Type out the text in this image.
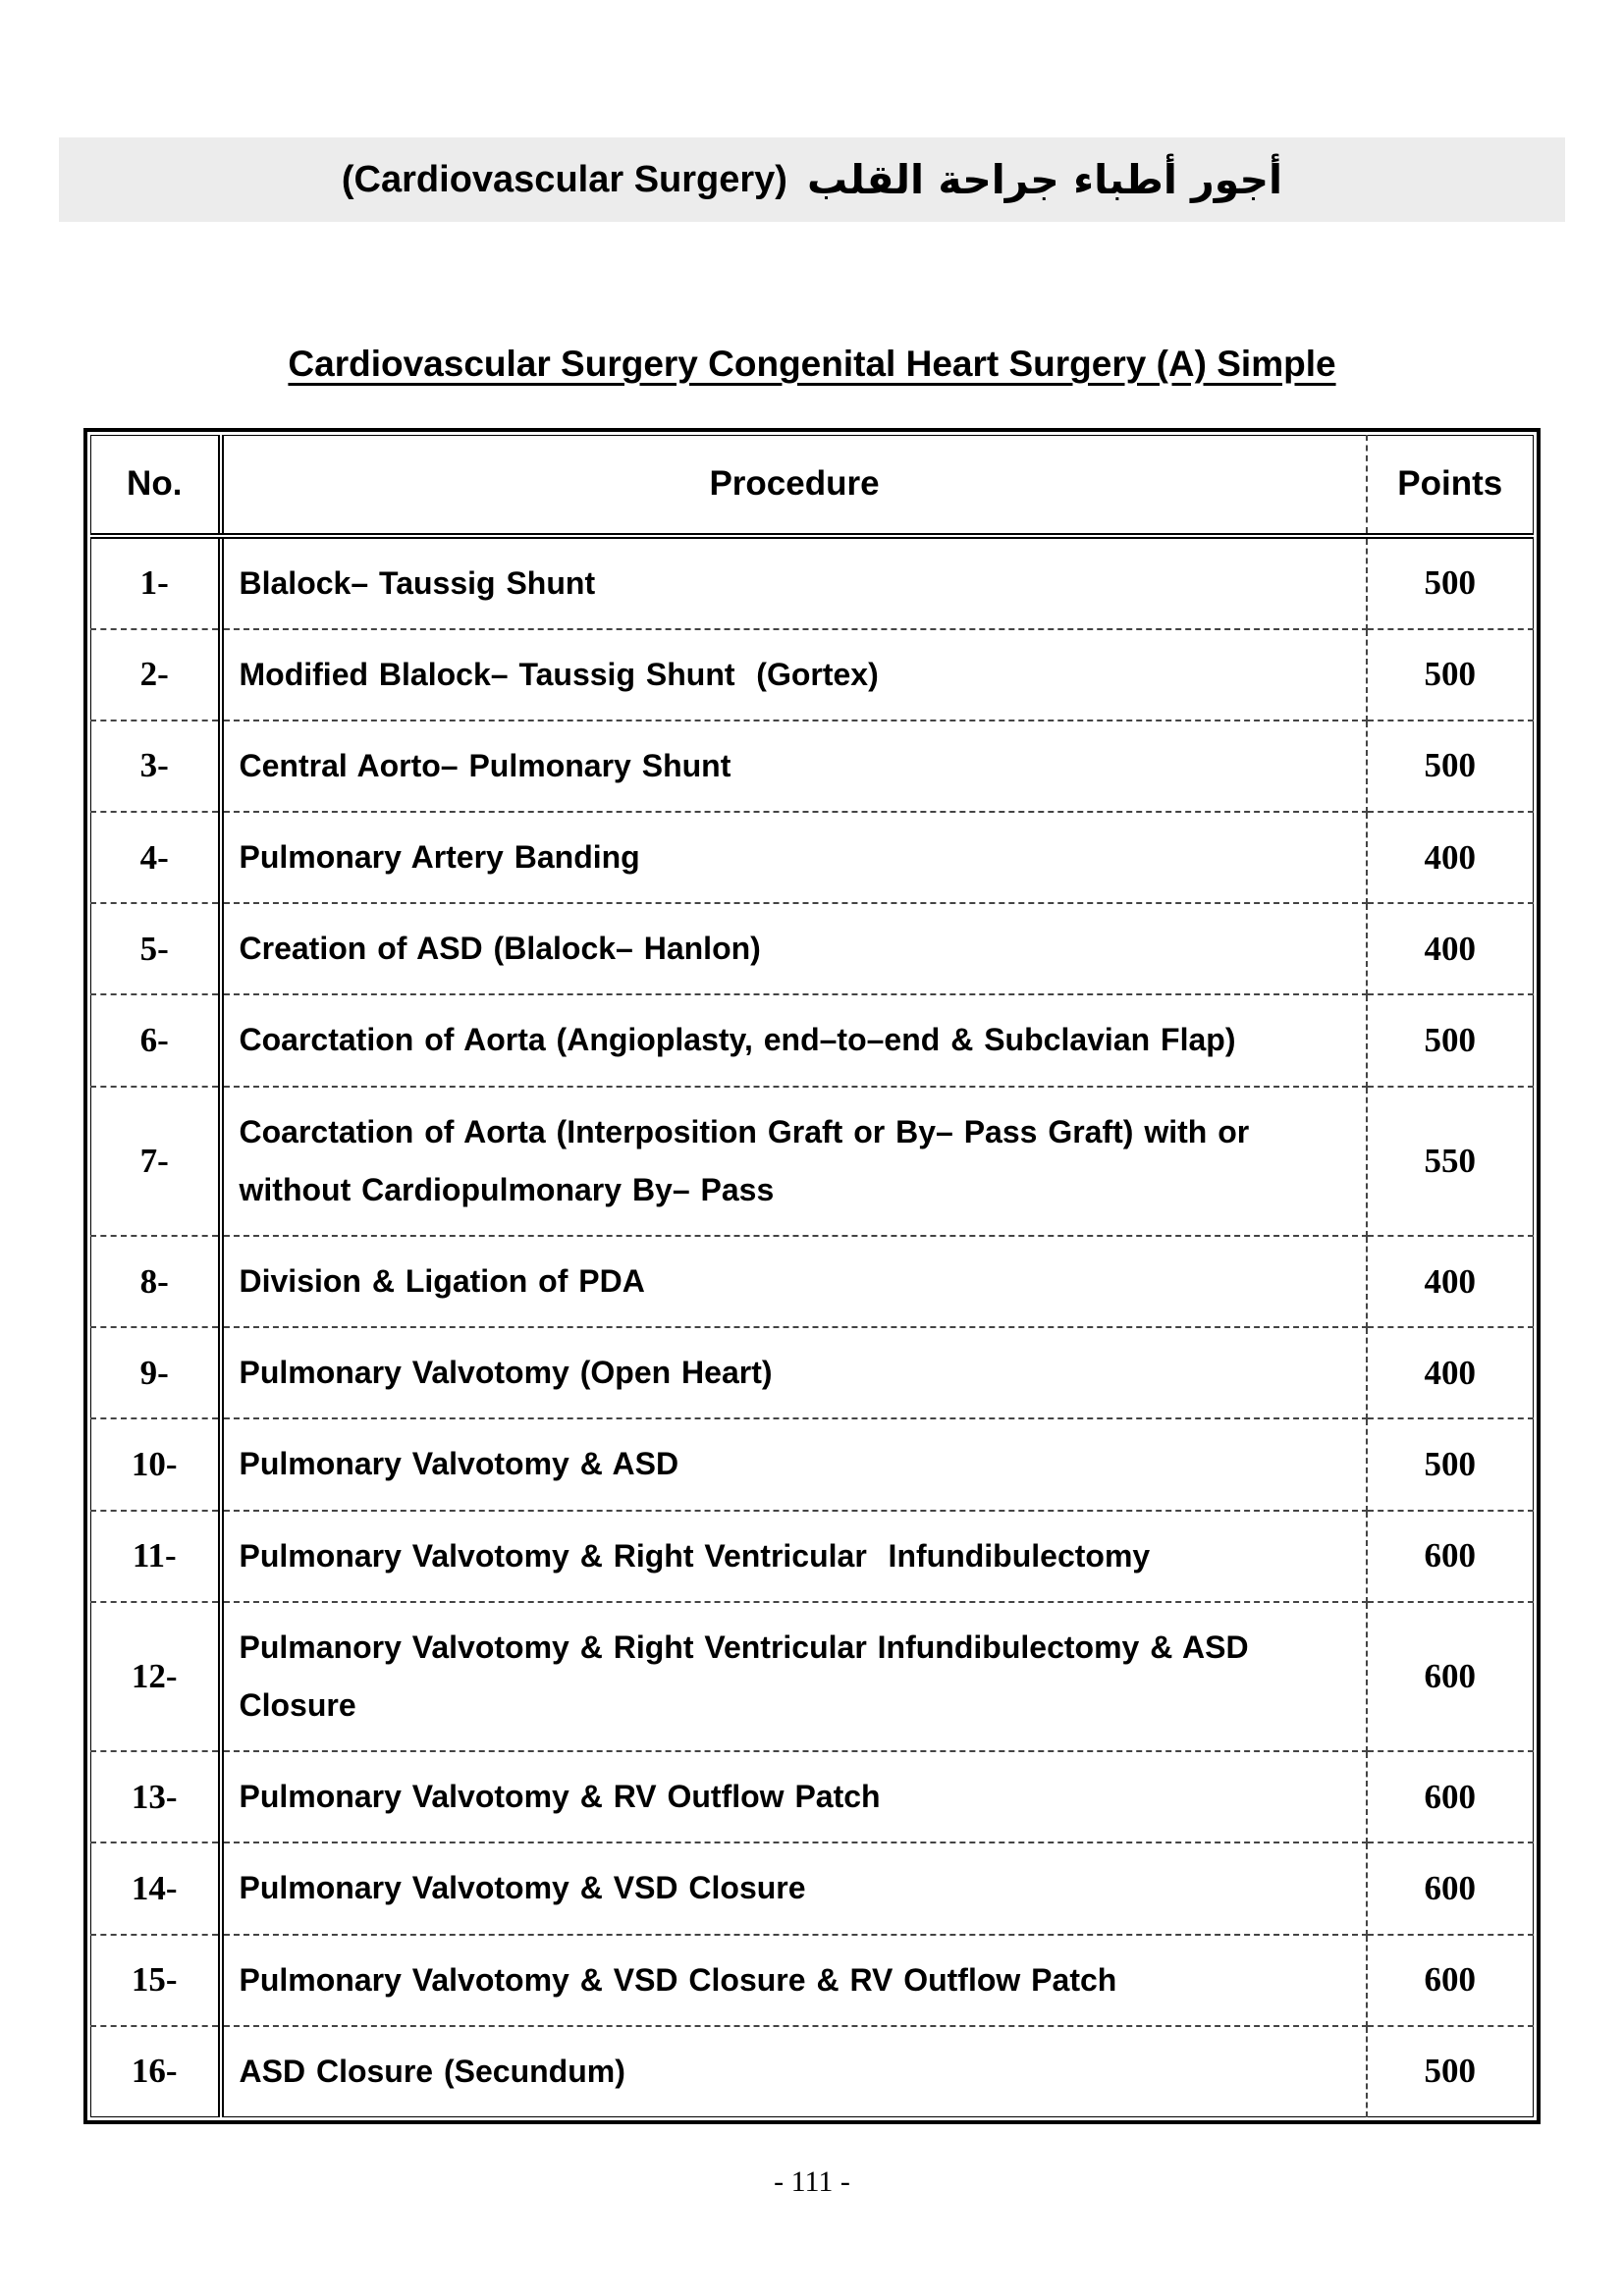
(Cardiovascular Surgery) أجور أطباء جراحة القلب
Cardiovascular Surgery Congenital Heart Surgery (A) Simple
No.	Procedure	Points
1-	Blalock– Taussig Shunt	500
2-	Modified Blalock– Taussig Shunt  (Gortex)	500
3-	Central Aorto– Pulmonary Shunt	500
4-	Pulmonary Artery Banding	400
5-	Creation of ASD (Blalock– Hanlon)	400
6-	Coarctation of Aorta (Angioplasty, end–to–end & Subclavian Flap)	500
7-	Coarctation of Aorta (Interposition Graft or By– Pass Graft) with or without Cardiopulmonary By– Pass	550
8-	Division & Ligation of PDA	400
9-	Pulmonary Valvotomy (Open Heart)	400
10-	Pulmonary Valvotomy & ASD	500
11-	Pulmonary Valvotomy & Right Ventricular  Infundibulectomy	600
12-	Pulmanory Valvotomy & Right Ventricular Infundibulectomy & ASD Closure	600
13-	Pulmonary Valvotomy & RV Outflow Patch	600
14-	Pulmonary Valvotomy & VSD Closure	600
15-	Pulmonary Valvotomy & VSD Closure & RV Outflow Patch	600
16-	ASD Closure (Secundum)	500
- 111 -
